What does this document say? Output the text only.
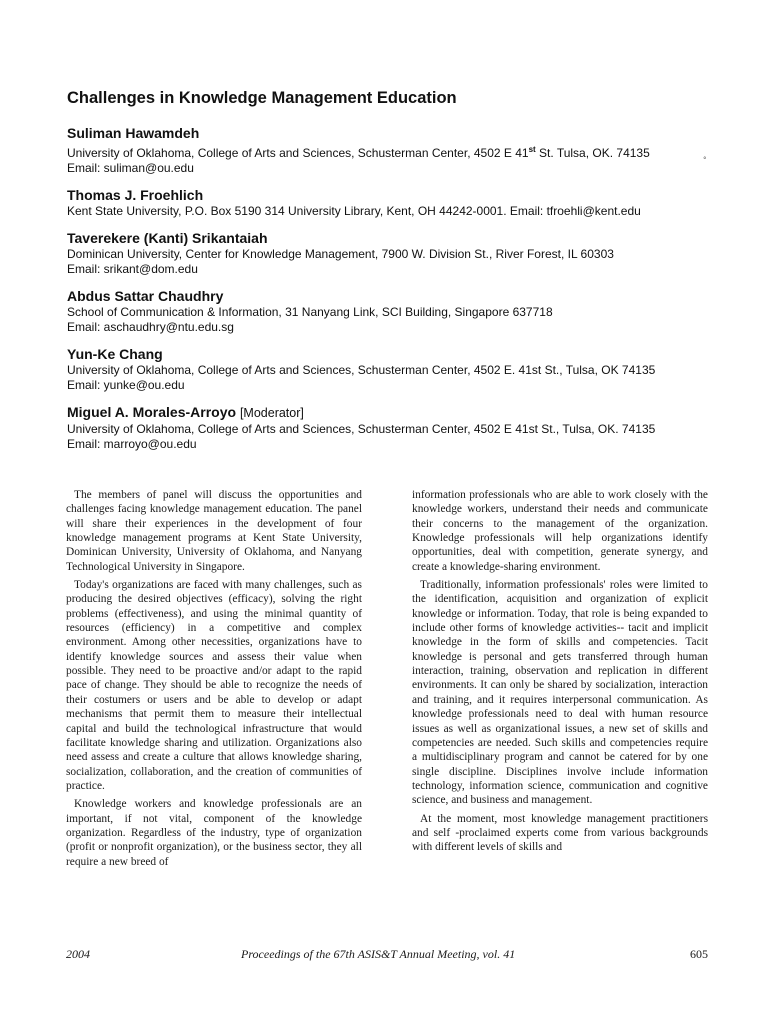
Challenges in Knowledge Management Education
°
Suliman Hawamdeh
University of Oklahoma, College of Arts and Sciences, Schusterman Center, 4502 E 41st St. Tulsa, OK. 74135
Email: suliman@ou.edu
Thomas J. Froehlich
Kent State University, P.O. Box 5190 314 University Library, Kent, OH 44242-0001. Email: tfroehli@kent.edu
Taverekere (Kanti) Srikantaiah
Dominican University, Center for Knowledge Management, 7900 W. Division St., River Forest, IL 60303
Email: srikant@dom.edu
Abdus Sattar Chaudhry
School of Communication & Information, 31 Nanyang Link, SCI Building, Singapore 637718
Email: aschaudhry@ntu.edu.sg
Yun-Ke Chang
University of Oklahoma, College of Arts and Sciences, Schusterman Center, 4502 E. 41st St., Tulsa, OK 74135
Email: yunke@ou.edu
Miguel A. Morales-Arroyo [Moderator]
University of Oklahoma, College of Arts and Sciences, Schusterman Center, 4502 E 41st St., Tulsa, OK. 74135
Email: marroyo@ou.edu

The members of panel will discuss the opportunities and challenges facing knowledge management education. The panel will share their experiences in the development of four knowledge management programs at Kent State University, Dominican University, University of Oklahoma, and Nanyang Technological University in Singapore.

Today's organizations are faced with many challenges, such as producing the desired objectives (efficacy), solving the right problems (effectiveness), and using the minimal quantity of resources (efficiency) in a competitive and complex environment. Among other necessities, organizations have to identify knowledge sources and assess their value when possible. They need to be proactive and/or adapt to the rapid pace of change. They should be able to recognize the needs of their costumers or users and be able to develop or adapt mechanisms that permit them to measure their intellectual capital and build the technological infrastructure that would facilitate knowledge sharing and utilization. Organizations also need assess and create a culture that allows knowledge sharing, socialization, collaboration, and the creation of communities of practice.

Knowledge workers and knowledge professionals are an important, if not vital, component of the knowledge organization. Regardless of the industry, type of organization (profit or nonprofit organization), or the business sector, they all require a new breed of

information professionals who are able to work closely with the knowledge workers, understand their needs and communicate their concerns to the management of the organization. Knowledge professionals will help organizations identify opportunities, deal with competition, generate synergy, and create a knowledge-sharing environment.

Traditionally, information professionals' roles were limited to the identification, acquisition and organization of explicit knowledge or information. Today, that role is being expanded to include other forms of knowledge activities-- tacit and implicit knowledge in the form of skills and competencies. Tacit knowledge is personal and gets transferred through human interaction, training, observation and replication in different environments. It can only be shared by socialization, interaction and training, and it requires interpersonal communication. As knowledge professionals need to deal with human resource issues as well as organizational issues, a new set of skills and competencies are needed. Such skills and competencies require a multidisciplinary program and cannot be catered for by one single discipline. Disciplines involve include information technology, information science, communication and cognitive science, and business and management.

At the moment, most knowledge management practitioners and self -proclaimed experts come from various backgrounds with different levels of skills and

2004	Proceedings of the 67th ASIS&T Annual Meeting, vol. 41	605
